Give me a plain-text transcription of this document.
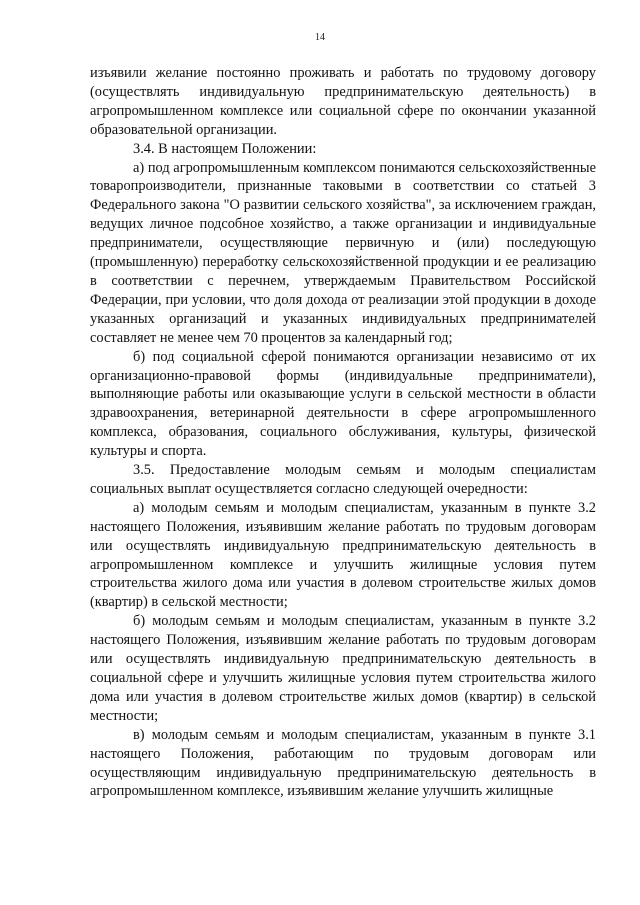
14

изъявили желание постоянно проживать и работать по трудовому договору (осуществлять индивидуальную предпринимательскую деятельность) в агропромышленном комплексе или социальной сфере по окончании указанной образовательной организации.

3.4. В настоящем Положении:

а) под агропромышленным комплексом понимаются сельскохозяйственные товаропроизводители, признанные таковыми в соответствии со статьей 3 Федерального закона "О развитии сельского хозяйства", за исключением граждан, ведущих личное подсобное хозяйство, а также организации и индивидуальные предприниматели, осуществляющие первичную и (или) последующую (промышленную) переработку сельскохозяйственной продукции и ее реализацию в соответствии с перечнем, утверждаемым Правительством Российской Федерации, при условии, что доля дохода от реализации этой продукции в доходе указанных организаций и указанных индивидуальных предпринимателей составляет не менее чем 70 процентов за календарный год;

б) под социальной сферой понимаются организации независимо от их организационно-правовой формы (индивидуальные предприниматели), выполняющие работы или оказывающие услуги в сельской местности в области здравоохранения, ветеринарной деятельности в сфере агропромышленного комплекса, образования, социального обслуживания, культуры, физической культуры и спорта.

3.5. Предоставление молодым семьям и молодым специалистам социальных выплат осуществляется согласно следующей очередности:

а) молодым семьям и молодым специалистам, указанным в пункте 3.2 настоящего Положения, изъявившим желание работать по трудовым договорам или осуществлять индивидуальную предпринимательскую деятельность в агропромышленном комплексе и улучшить жилищные условия путем строительства жилого дома или участия в долевом строительстве жилых домов (квартир) в сельской местности;

б) молодым семьям и молодым специалистам, указанным в пункте 3.2 настоящего Положения, изъявившим желание работать по трудовым договорам или осуществлять индивидуальную предпринимательскую деятельность в социальной сфере и улучшить жилищные условия путем строительства жилого дома или участия в долевом строительстве жилых домов (квартир) в сельской местности;

в) молодым семьям и молодым специалистам, указанным в пункте 3.1 настоящего Положения, работающим по трудовым договорам или осуществляющим индивидуальную предпринимательскую деятельность в агропромышленном комплексе, изъявившим желание улучшить жилищные
